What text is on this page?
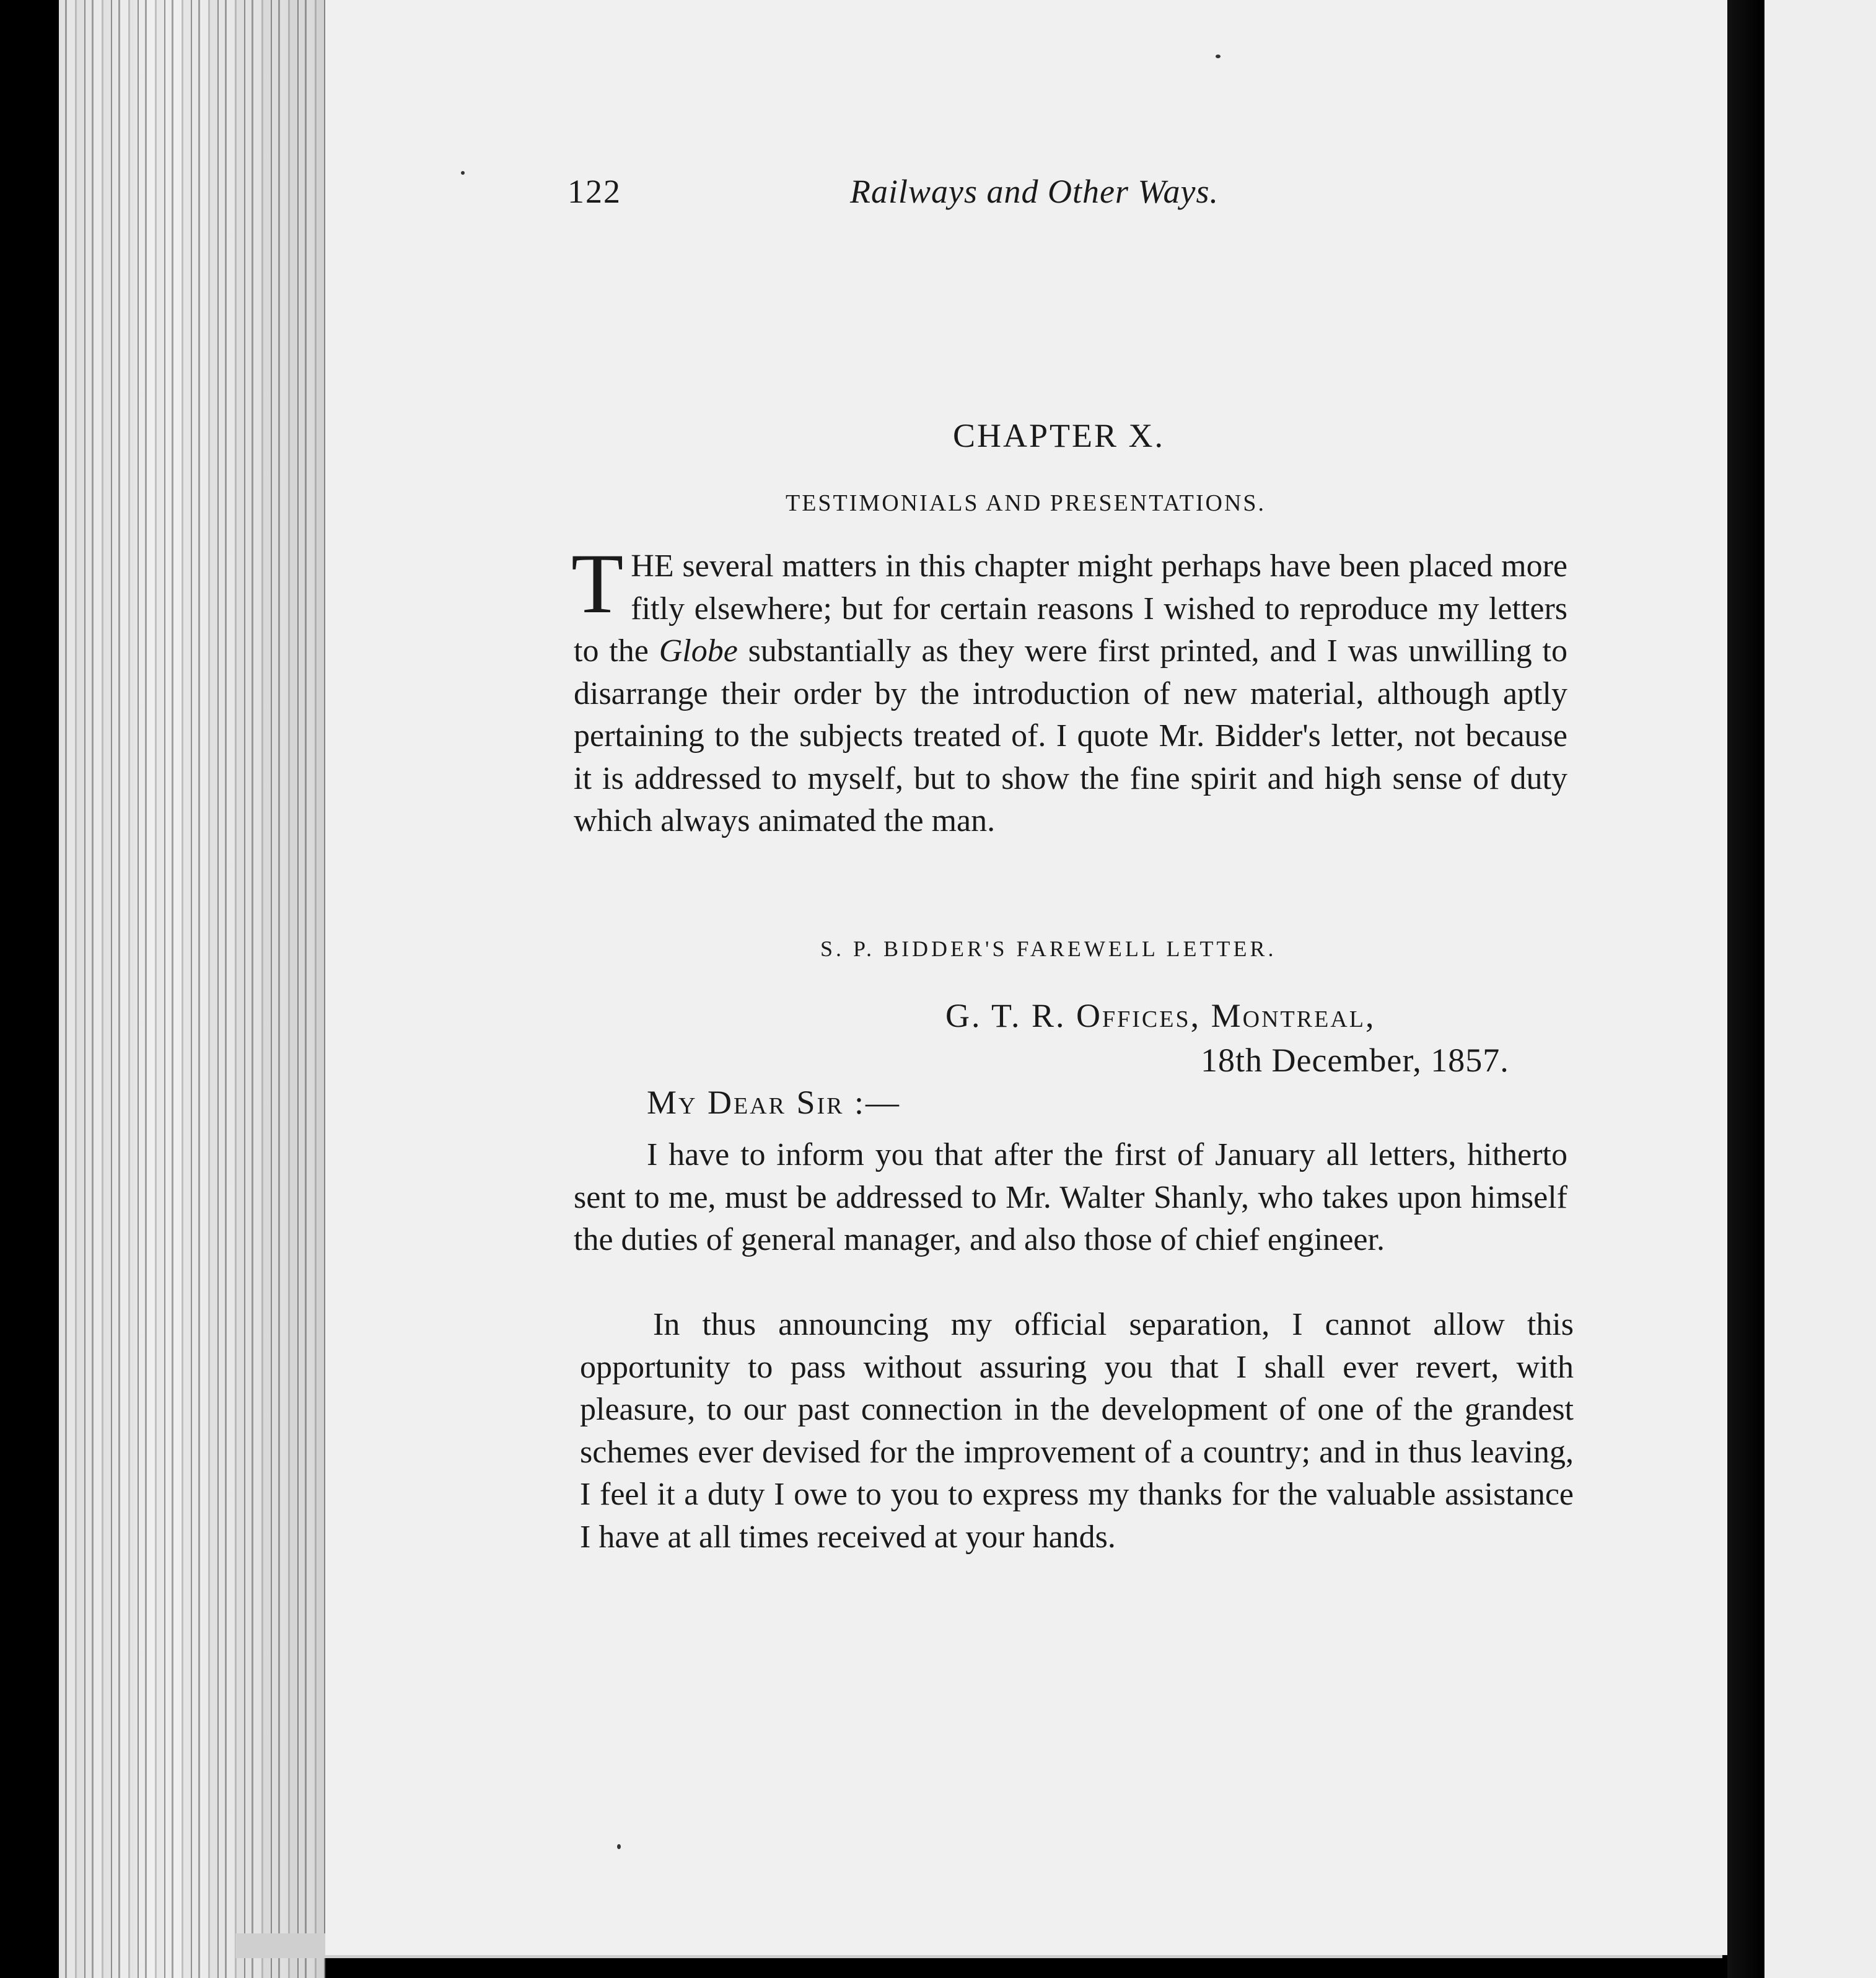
122	Railways and Other Ways.
CHAPTER X.
TESTIMONIALS AND PRESENTATIONS.

THE several matters in this chapter might perhaps have been placed more fitly elsewhere; but for certain reasons I wished to reproduce my letters to the Globe substantially as they were first printed, and I was unwilling to disarrange their order by the introduction of new material, although aptly pertaining to the subjects treated of. I quote Mr. Bidder's letter, not because it is addressed to myself, but to show the fine spirit and high sense of duty which always animated the man.

S. P. BIDDER'S FAREWELL LETTER.
G. T. R. Offices, Montreal,
18th December, 1857.
My Dear Sir :—

I have to inform you that after the first of January all letters, hitherto sent to me, must be addressed to Mr. Walter Shanly, who takes upon himself the duties of general manager, and also those of chief engineer.

In thus announcing my official separation, I cannot allow this opportunity to pass without assuring you that I shall ever revert, with pleasure, to our past connection in the development of one of the grandest schemes ever devised for the improvement of a country; and in thus leaving, I feel it a duty I owe to you to express my thanks for the valuable assistance I have at all times received at your hands.
